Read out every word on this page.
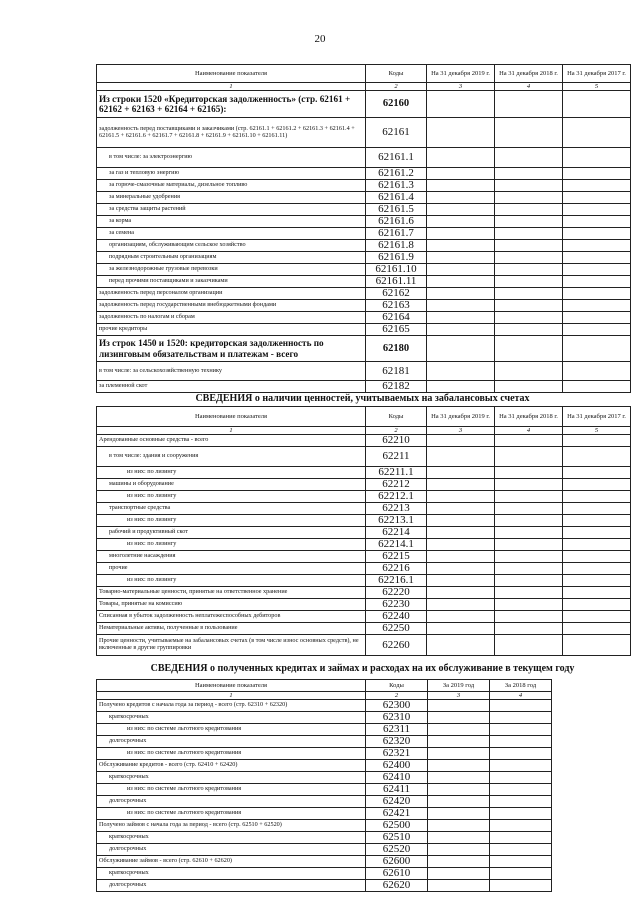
20
Наименование показателя	Коды	На 31 декабря 2019 г.	На 31 декабря 2018 г.	На 31 декабря 2017 г.
1	2	3	4	5
Из строки 1520 «Кредиторская задолженность» (стр. 62161 + 62162 + 62163 + 62164 + 62165):	62160			
задолженность перед поставщиками и заказчиками (стр. 62161.1 + 62161.2 + 62161.3 + 62161.4 + 62161.5 + 62161.6 + 62161.7 + 62161.8 + 62161.9 + 62161.10 + 62161.11)	62161			
в том числе: за электроэнергию	62161.1			
за газ и тепловую энергию	62161.2			
за горюче-смазочные материалы, дизельное топливо	62161.3			
за минеральные удобрения	62161.4			
за средства защиты растений	62161.5			
за корма	62161.6			
за семена	62161.7			
организациям, обслуживающим сельское хозяйство	62161.8			
подрядным строительным организациям	62161.9			
за железнодорожные грузовые перевозки	62161.10			
перед прочими поставщиками и заказчиками	62161.11			
задолженность перед персоналом организации	62162			
задолженность перед государственными внебюджетными фондами	62163			
задолженность по налогам и сборам	62164			
прочие кредиторы	62165			
Из строк 1450 и 1520: кредиторская задолженность по лизинговым обязательствам и платежам - всего	62180			
в том числе: за сельскохозяйственную технику	62181			
за племенной скот	62182			
СВЕДЕНИЯ о наличии ценностей, учитываемых на забалансовых счетах
Наименование показателя	Коды	На 31 декабря 2019 г.	На 31 декабря 2018 г.	На 31 декабря 2017 г.
1	2	3	4	5
Арендованные основные средства - всего	62210			
в том числе: здания и сооружения	62211			
из них: по лизингу	62211.1			
машины и оборудование	62212			
из них: по лизингу	62212.1			
транспортные средства	62213			
из них: по лизингу	62213.1			
рабочий и продуктивный скот	62214			
из них: по лизингу	62214.1			
многолетние насаждения	62215			
прочие	62216			
из них: по лизингу	62216.1			
Товарно-материальные ценности, принятые на ответственное хранение	62220			
Товары, принятые на комиссию	62230			
Списанная в убыток задолженность неплатежеспособных дебиторов	62240			
Нематериальные активы, полученные в пользование	62250			
Прочие ценности, учитываемые на забалансовых счетах (в том числе износ основных средств), не включенные в другие группировки	62260			
СВЕДЕНИЯ о полученных кредитах и займах и расходах на их обслуживание в текущем году
Наименование показателя	Коды	За 2019 год	За 2018 год
1	2	3	4
Получено кредитов с начала года за период - всего (стр. 62310 + 62320)	62300		
краткосрочных	62310		
из них: по системе льготного кредитования	62311		
долгосрочных	62320		
из них: по системе льготного кредитования	62321		
Обслуживание кредитов - всего (стр. 62410 + 62420)	62400		
краткосрочных	62410		
из них: по системе льготного кредитования	62411		
долгосрочных	62420		
из них: по системе льготного кредитования	62421		
Получено займов с начала года за период - всего (стр. 62510 + 62520)	62500		
краткосрочных	62510		
долгосрочных	62520		
Обслуживание займов - всего (стр. 62610 + 62620)	62600		
краткосрочных	62610		
долгосрочных	62620		
